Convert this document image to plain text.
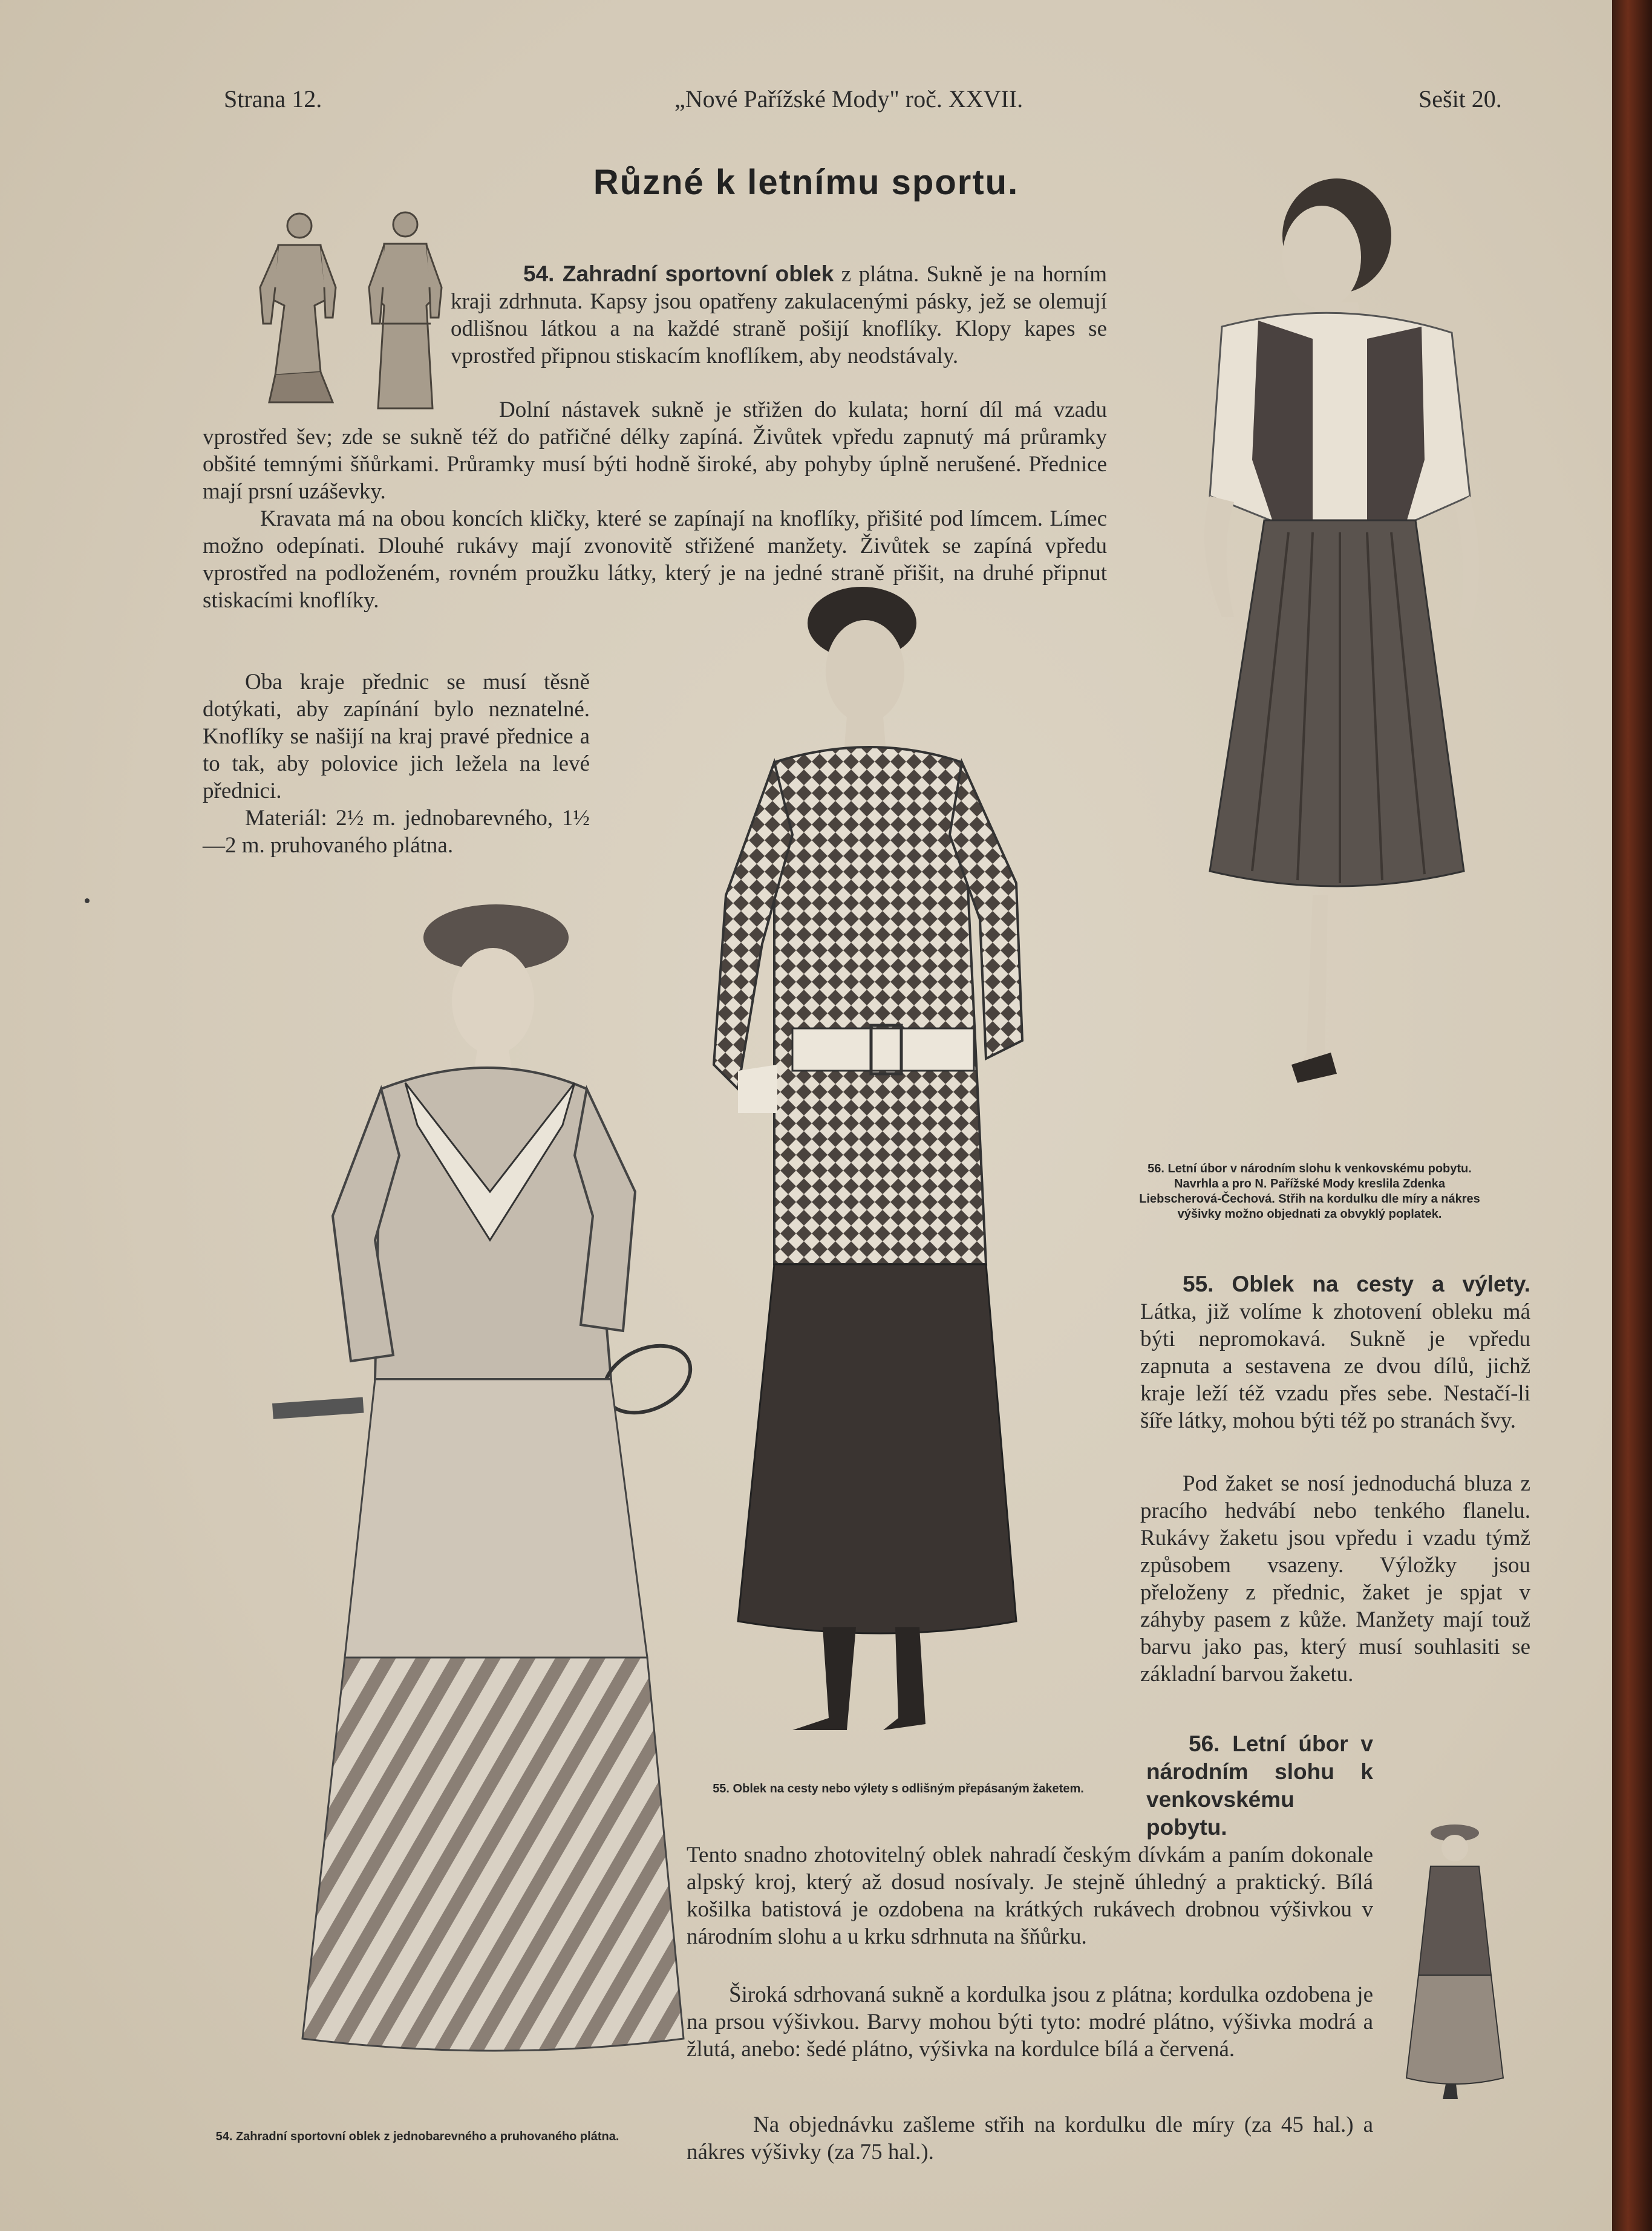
Strana 12.	„Nové Pařížské Mody" roč. XXVII.	Sešit 20.
Různé k letnímu sportu.

54. Zahradní sportovní oblek z plátna. Sukně je na horním kraji zdrhnuta. Kapsy jsou opatřeny zakulacenými pásky, jež se olemují odlišnou látkou a na každé straně pošijí knoflíky. Klopy kapes se vprostřed připnou stiskacím knoflíkem, aby neodstávaly.

Dolní nástavek sukně je střižen do kulata; horní díl má vzadu vprostřed šev; zde se sukně též do patřičné délky zapíná. Živůtek vpředu zapnutý má průramky obšité temnými šňůrkami. Průramky musí býti hodně široké, aby pohyby úplně nerušené. Přednice mají prsní uzáševky.

Kravata má na obou koncích kličky, které se zapínají na knoflíky, přišité pod límcem. Límec možno odepínati. Dlouhé rukávy mají zvonovitě střižené manžety. Živůtek se zapíná vpředu vprostřed na podloženém, rovném proužku látky, který je na jedné straně přišit, na druhé připnut stiskacími knoflíky.

Oba kraje přednic se musí těsně dotýkati, aby zapínání bylo neznatelné. Knoflíky se našijí na kraj pravé přednice a to tak, aby polovice jich ležela na levé přednici.

Materiál: 2½ m. jednobarevného, 1½—2 m. pruhovaného plátna.

56. Letní úbor v národním slohu k venkovskému pobytu. Navrhla a pro N. Pařížské Mody kreslila Zdenka Liebscherová-Čechová. Střih na kordulku dle míry a nákres výšivky možno objednati za obvyklý poplatek.
55. Oblek na cesty nebo výlety s odlišným přepásaným žaketem.

55. Oblek na cesty a výlety. Látka, již volíme k zhotovení obleku má býti nepromokavá. Sukně je vpředu zapnuta a sestavena ze dvou dílů, jichž kraje leží též vzadu přes sebe. Nestačí-li šíře látky, mohou býti též po stranách švy.

Pod žaket se nosí jednoduchá bluza z pracího hedvábí nebo tenkého flanelu. Rukávy žaketu jsou vpředu i vzadu týmž způsobem vsazeny. Výložky jsou přeloženy z přednic, žaket je spjat v záhyby pasem z kůže. Manžety mají touž barvu jako pas, který musí souhlasiti se základní barvou žaketu.

54. Zahradní sportovní oblek z jednobarevného a pruhovaného plátna.

56. Letní úbor v národním slohu k venkovskému pobytu.
Tento snadno zhotovitelný oblek nahradí českým dívkám a paním dokonale alpský kroj, který až dosud nosívaly. Je stejně úhledný a praktický. Bílá košilka batistová je ozdobena na krátkých rukávech drobnou výšivkou v národním slohu a u krku sdrhnuta na šňůrku.

Široká sdrhovaná sukně a kordulka jsou z plátna; kordulka ozdobena je na prsou výšivkou. Barvy mohou býti tyto: modré plátno, výšivka modrá a žlutá, anebo: šedé plátno, výšivka na kordulce bílá a červená.

Na objednávku zašleme střih na kordulku dle míry (za 45 hal.) a nákres výšivky (za 75 hal.).
